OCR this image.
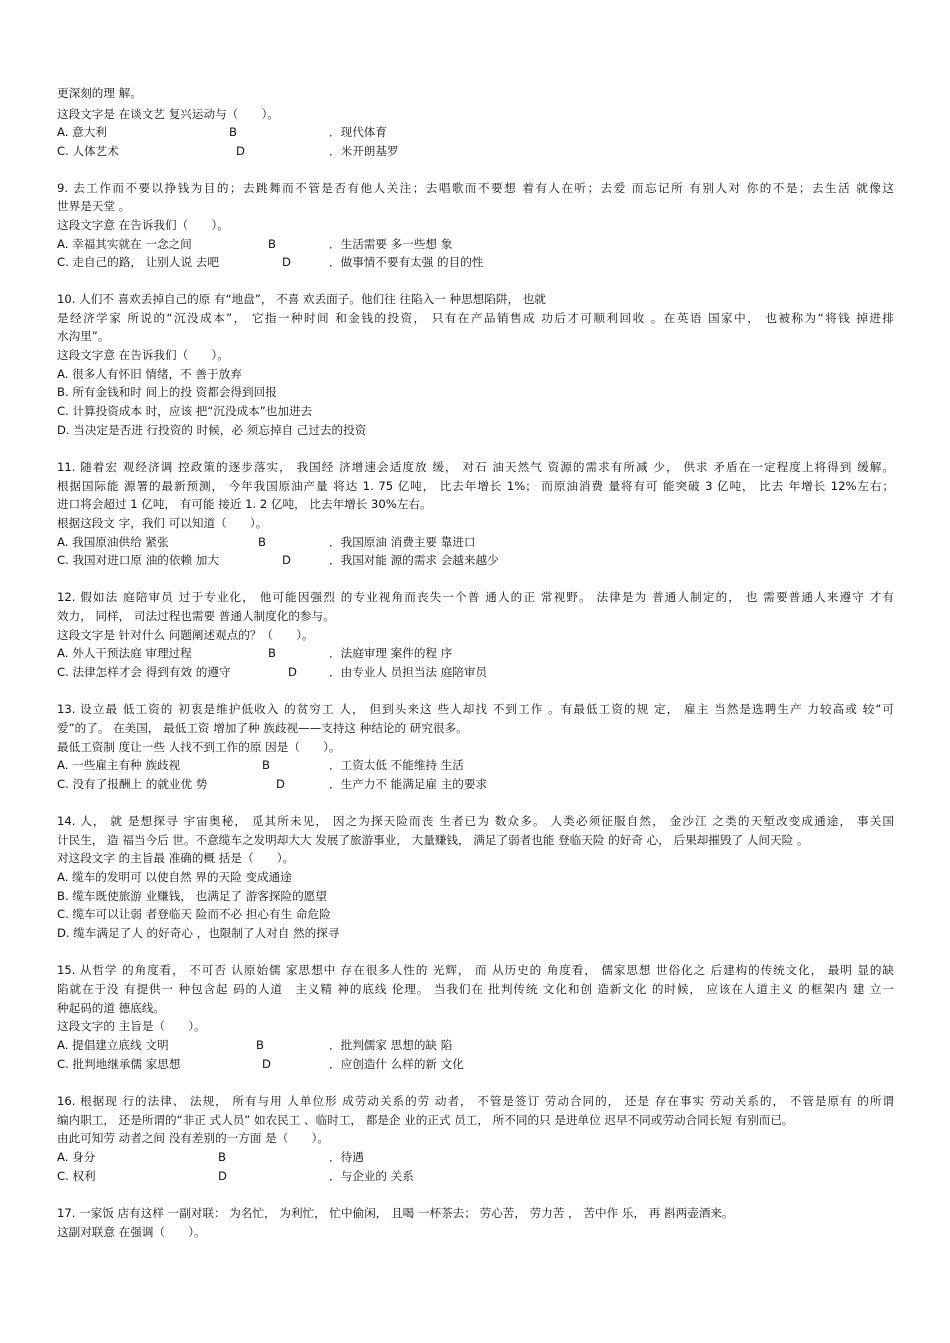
更深刻的理 解。
这段文字是 在谈文艺 复兴运动与（　　）。
A. 意大利	B	．现代体育
C. 人体艺术	D	．米开朗基罗
9. 去工作而不要以挣钱为目的；去跳舞而不管是否有他人关注；去唱歌而不要想 着有人在听；去爱 而忘记所 有别人对 你的不是；去生活 就像这
世界是天堂 。
这段文字意 在告诉我们（　　）。
A. 幸福其实就在 一念之间	B	．生活需要 多一些想 象
C. 走自己的路， 让别人说 去吧	D	．做事情不要有太强 的目的性
10. 人们不 喜欢丢掉自己的原 有“地盘”， 不喜 欢丢面子。他们往 往陷入一 种思想陷阱， 也就
是经济学家 所说的“沉没成本”， 它指一种时间 和金钱的投资， 只有在产品销售成 功后才可顺利回收 。在英语 国家中， 也被称为“将钱 掉进排
水沟里”。
这段文字意 在告诉我们（　　）。
A. 很多人有怀旧 情绪，不 善于放弃
B. 所有金钱和时 间上的投 资都会得到回报
C. 计算投资成本 时，应该 把“沉没成本”也加进去
D. 当决定是否进 行投资的 时候，必 须忘掉自 己过去的投资
11. 随着宏 观经济调 控政策的逐步落实， 我国经 济增速会适度放 缓， 对石 油天然气 资源的需求有所减 少， 供求 矛盾在一定程度上将得到 缓解。
根据国际能 源署的最新预测， 今年我国原油产量 将达 1. 75 亿吨， 比去年增长 1%； 而原油消费 量将有可 能突破 3 亿吨， 比去 年增长 12%左右；
进口将会超过 1 亿吨， 有可能 接近 1. 2 亿吨， 比去年增长 30%左右。
根据这段文 字，我们 可以知道（　　）。
A. 我国原油供给 紧张	B	．我国原油 消费主要 靠进口
C. 我国对进口原 油的依赖 加大	D	．我国对能 源的需求 会越来越少
12. 假如法 庭陪审员 过于专业化， 他可能因强烈 的专业视角而丧失一个普 通人的正 常视野。 法律是为 普通人制定的， 也 需要普通人来遵守 才有
效力， 同样， 司法过程也需要 普通人制度化的参与。
这段文字是 针对什么 问题阐述观点的？（　　）。
A. 外人干预法庭 审理过程	B	．法庭审理 案件的程 序
C. 法律怎样才会 得到有效 的遵守	D	．由专业人 员担当法 庭陪审员
13. 设立最 低工资的 初衷是维护低收入 的贫穷工 人， 但到头来这 些人却找 不到工作 。有最低工资的规 定， 雇主 当然是选聘生产 力较高或 较“可
爱”的了。 在美国， 最低工资 增加了种 族歧视——支持这 种结论的 研究很多。
最低工资制 度让一些 人找不到工作的原 因是（　　）。
A. 一些雇主有种 族歧视	B	．工资太低 不能维持 生活
C. 没有了报酬上 的就业优 势	D	．生产力不 能满足雇 主的要求
14. 人， 就 是想探寻 宇宙奥秘， 觅其所未见， 因之为探天险而丧 生者已为 数众多。 人类必须征服自然， 金沙江 之类的天堑改变成通途， 事关国
计民生， 造 福当今后 世。不意缆车之发明却大大 发展了旅游事业， 大量赚钱， 满足了弱者也能 登临天险 的好奇 心， 后果却摧毁了 人间天险 。
对这段文字 的主旨最 准确的概 括是（　　）。
A. 缆车的发明可 以使自然 界的天险 变成通途
B. 缆车既使旅游 业赚钱， 也满足了 游客探险的愿望
C. 缆车可以让弱 者登临天 险而不必 担心有生 命危险
D. 缆车满足了人 的好奇心 ，也限制了人对自 然的探寻
15. 从哲学 的角度看， 不可否 认原始儒 家思想中 存在很多人性的 光辉， 而 从历史的 角度看， 儒家思想 世俗化之 后建构的传统文化， 最明 显的缺
陷就在于没 有提供一 种包含起 码的人道　主义精 神的底线 伦理。 当我们在 批判传统 文化和创 造新文化 的时候， 应该在人道主义 的框架内 建 立一
种起码的道 德底线。
这段文字的 主旨是（　　）。
A. 提倡建立底线 文明	B	．批判儒家 思想的缺 陷
C. 批判地继承儒 家思想	D	．应创造什 么样的新 文化
16. 根据现 行的法律、 法规， 所有与用 人单位形 成劳动关系的劳 动者， 不管是签订 劳动合同的， 还是 存在事实 劳动关系的， 不管是原有 的所谓
编内职工， 还是所谓的“非正 式人员” 如农民工 、临时工， 都是企 业的正式 员工， 所不同的只 是进单位 迟早不同或劳动合同长短 有别而已。
由此可知劳 动者之间 没有差别的一方面 是（　　）。
A. 身分	B	．待遇
C. 权利	D	．与企业的 关系
17. 一家饭 店有这样 一副对联： 为名忙， 为利忙， 忙中偷闲， 且喝 一杯茶去； 劳心苦， 劳力苦 ， 苦中作 乐， 再 斟两壶酒来。
这副对联意 在强调（　　）。
